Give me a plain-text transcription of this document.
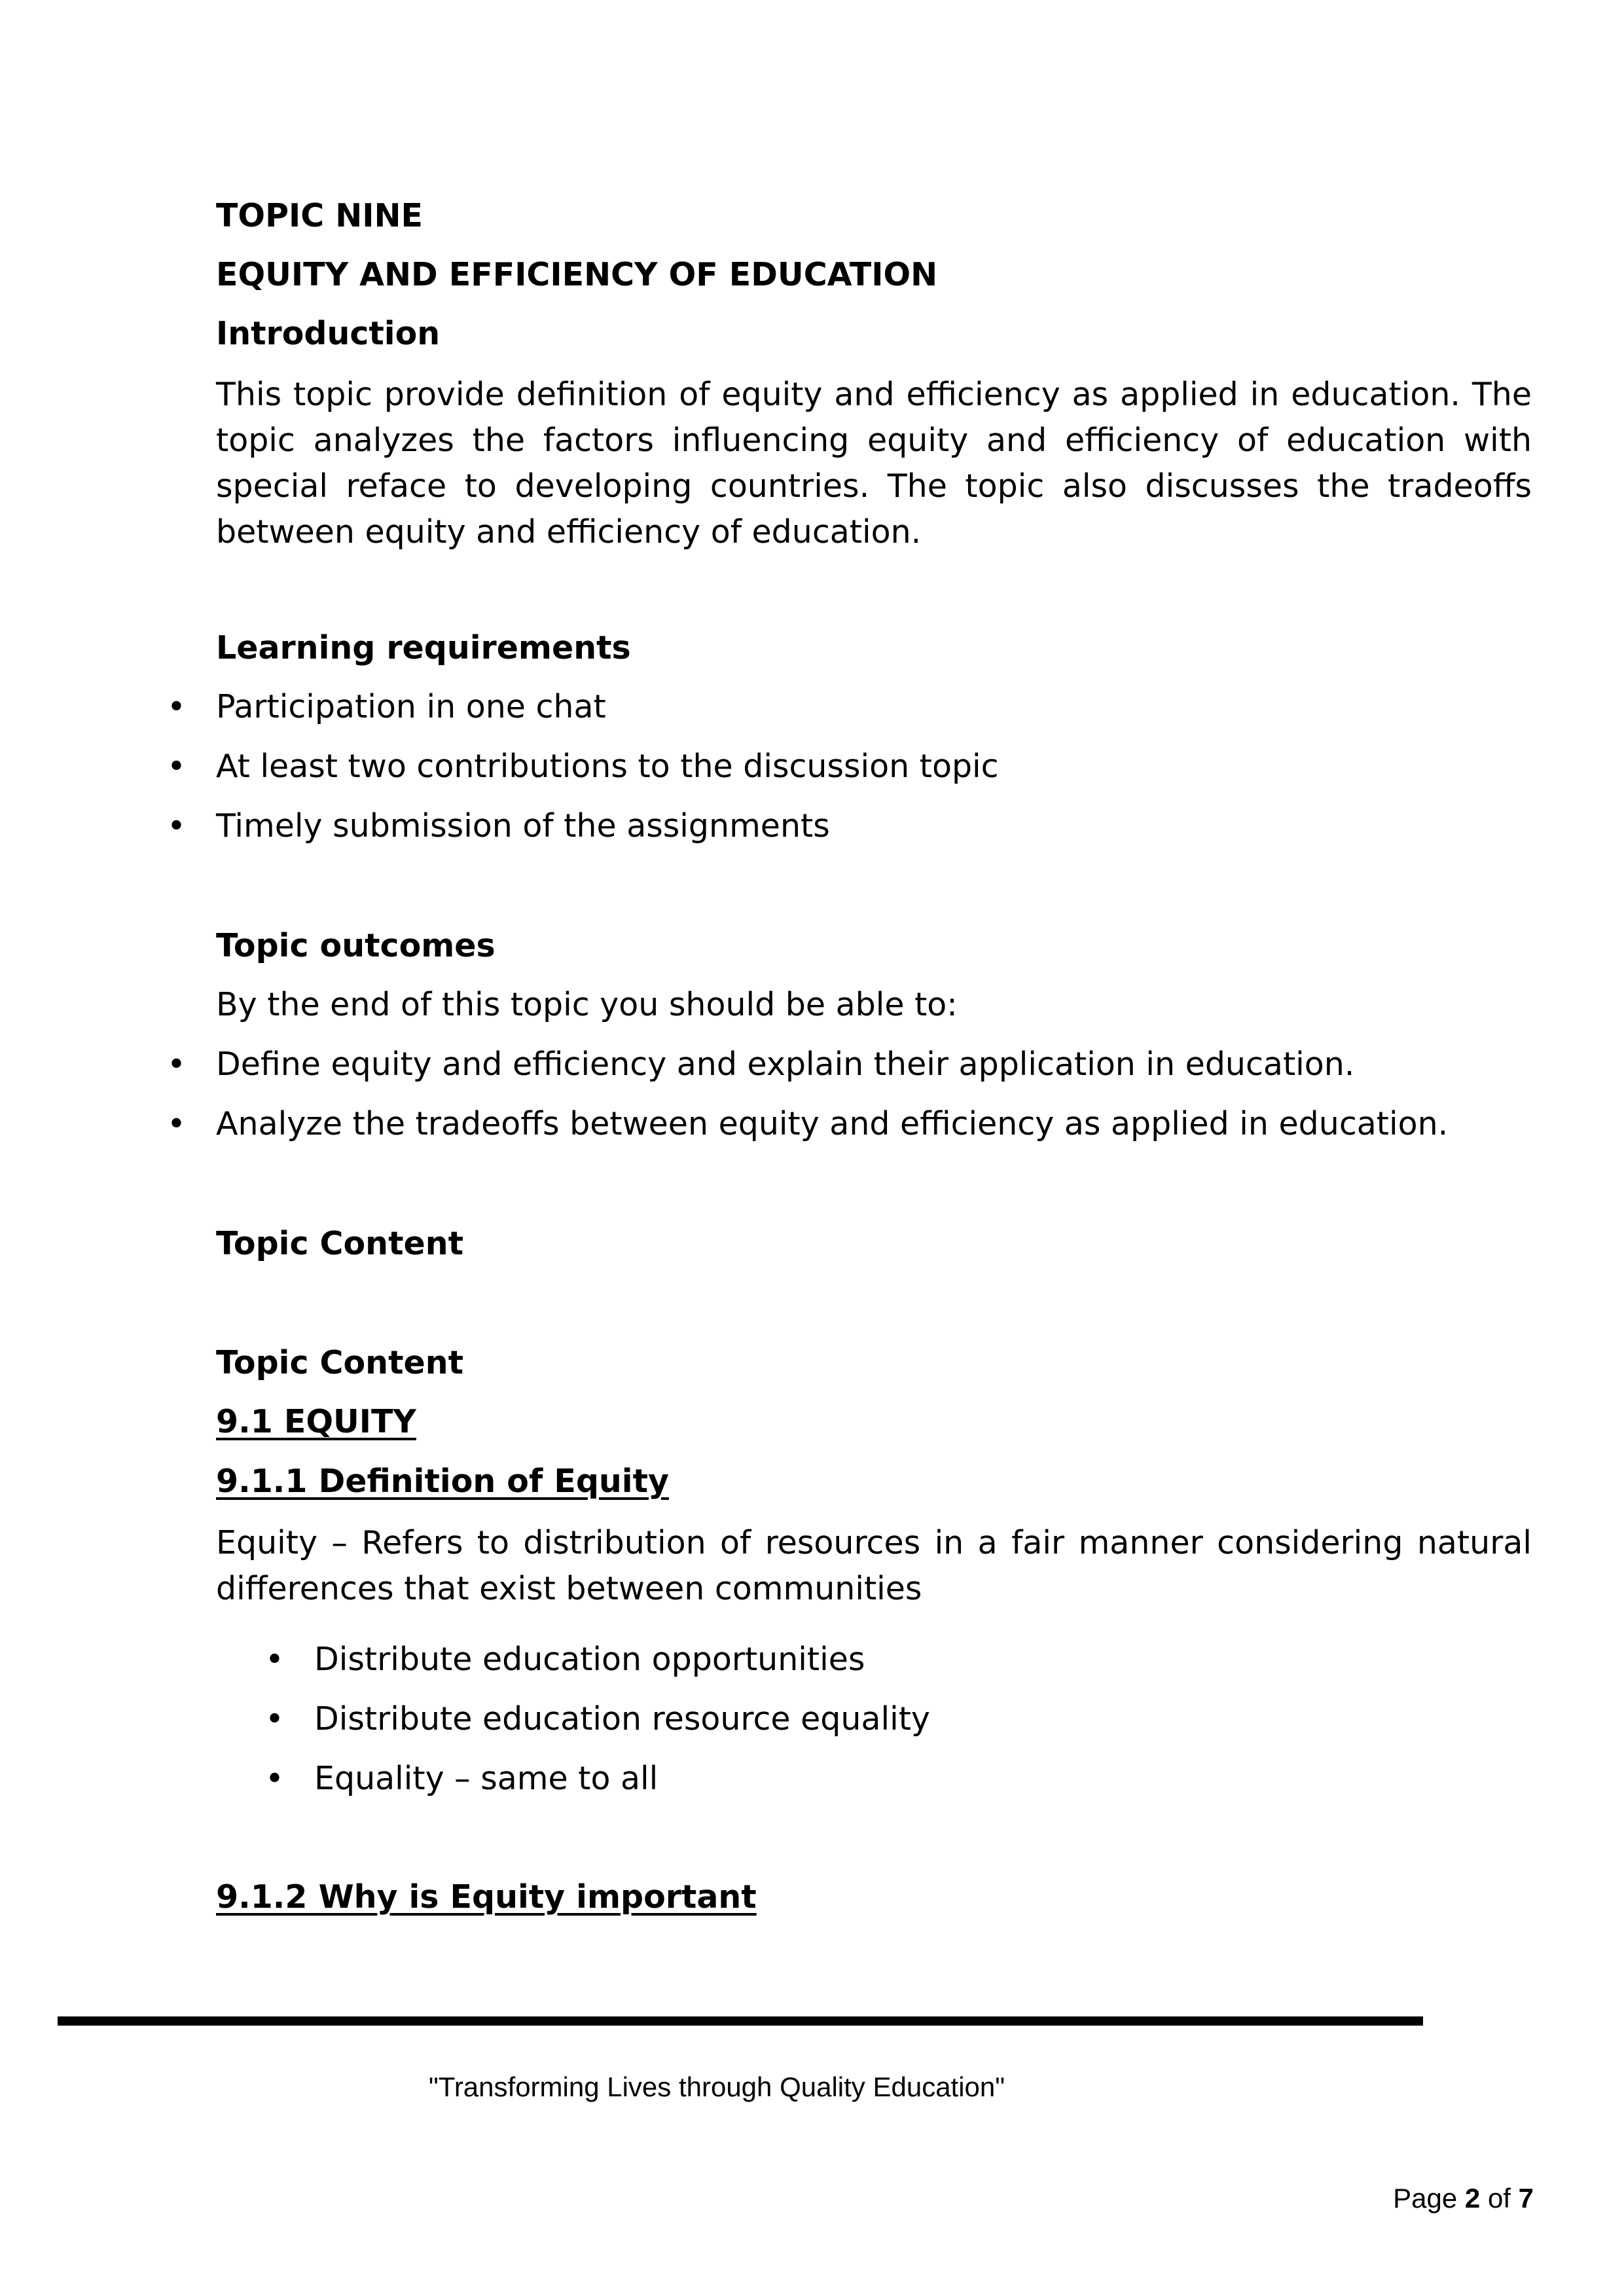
TOPIC NINE

EQUITY AND EFFICIENCY OF EDUCATION

Introduction

This topic provide definition of equity and efficiency as applied in education. The topic analyzes the factors influencing equity and efficiency of education with special reface to developing countries. The topic also discusses the tradeoffs between equity and efficiency of education.

Learning requirements

• Participation in one chat
• At least two contributions to the discussion topic
• Timely submission of the assignments

Topic outcomes

By the end of this topic you should be able to:

• Define equity and efficiency and explain their application in education.
• Analyze the tradeoffs between equity and efficiency as applied in education.

Topic Content

Topic Content

9.1 EQUITY

9.1.1 Definition of Equity

Equity – Refers to distribution of resources in a fair manner considering natural differences that exist between communities

• Distribute education opportunities
• Distribute education resource equality
• Equality – same to all

9.1.2 Why is Equity important

"Transforming Lives through Quality Education"
Page 2 of 7
